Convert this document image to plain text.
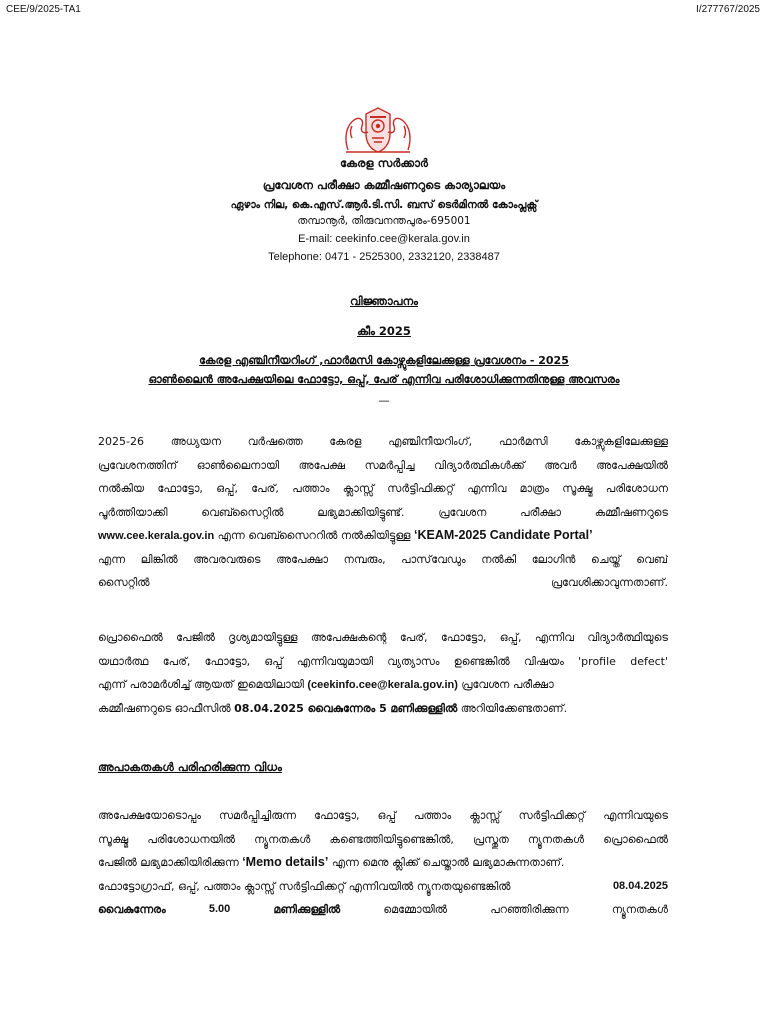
CEE/9/2025-TA1	I/277767/2025
കേരള സർക്കാർ
പ്രവേശന പരീക്ഷാ കമ്മീഷണറുടെ കാര്യാലയം
ഏഴാം നില, കെ.എസ്.ആർ.ടി.സി. ബസ് ടെർമിനൽ കോംപ്ലക്സ്
തമ്പാനൂർ, തിരുവനന്തപുരം-695001
E-mail: ceekinfo.cee@kerala.gov.in
Telephone: 0471 - 2525300, 2332120, 2338487
വിജ്ഞാപനം
കീം 2025
കേരള എഞ്ചിനീയറിംഗ് ,ഫാർമസി കോഴ്സുകളിലേക്കുള്ള പ്രവേശനം - 2025
ഓൺലൈൻ അപേക്ഷയിലെ ഫോട്ടോ, ഒപ്പ്, പേര് എന്നിവ പരിശോധിക്കുന്നതിനുള്ള അവസരം
—
2025-26 അധ്യയന വർഷത്തെ കേരള എഞ്ചിനീയറിംഗ്, ഫാർമസി കോഴ്സുകളിലേക്കുള്ള
പ്രവേശനത്തിന് ഓൺലൈനായി അപേക്ഷ സമർപ്പിച്ച വിദ്യാർത്ഥികൾക്ക് അവർ അപേക്ഷയിൽ
നൽകിയ ഫോട്ടോ, ഒപ്പ്, പേര്, പത്താം ക്ലാസ്സ് സർട്ടിഫിക്കറ്റ് എന്നിവ മാത്രം സൂക്ഷ്മ പരിശോധന
പൂർത്തിയാക്കി വെബ്സൈറ്റിൽ ലഭ്യമാക്കിയിട്ടുണ്ട്. പ്രവേശന പരീക്ഷാ കമ്മീഷണറുടെ
www.cee.kerala.gov.in എന്ന വെബ്സൈററിൽ നൽകിയിട്ടുള്ള ‘KEAM-2025 Candidate Portal’
എന്ന ലിങ്കിൽ അവരവരുടെ അപേക്ഷാ നമ്പരും, പാസ്‌വേഡും നൽകി ലോഗിൻ ചെയ്ത് വെബ്
സൈറ്റിൽ	പ്രവേശിക്കാവുന്നതാണ്.
പ്രൊഫൈൽ പേജിൽ ദൃശ്യമായിട്ടുള്ള അപേക്ഷകന്റെ പേര്, ഫോട്ടോ, ഒപ്പ്, എന്നിവ വിദ്യാർത്ഥിയുടെ
യഥാർത്ഥ പേര്, ഫോട്ടോ, ഒപ്പ് എന്നിവയുമായി വ്യത്യാസം ഉണ്ടെങ്കിൽ വിഷയം 'profile defect'
എന്ന് പരാമർശിച്ച് ആയത് ഇമെയിലായി (ceekinfo.cee@kerala.gov.in) പ്രവേശന പരീക്ഷാ
കമ്മീഷണറുടെ ഓഫീസിൽ 08.04.2025 വൈകുന്നേരം 5 മണിക്കുള്ളിൽ അറിയിക്കേണ്ടതാണ്.
അപാകതകൾ പരിഹരിക്കുന്ന വിധം
അപേക്ഷയോടൊപ്പം സമർപ്പിച്ചിരുന്ന ഫോട്ടോ, ഒപ്പ് പത്താം ക്ലാസ്സ് സർട്ടിഫിക്കറ്റ് എന്നിവയുടെ
സൂക്ഷ്മ പരിശോധനയിൽ ന്യൂനതകൾ കണ്ടെത്തിയിട്ടുണ്ടെങ്കിൽ, പ്രസ്തുത ന്യൂനതകൾ പ്രൊഫൈൽ
പേജിൽ ലഭ്യമാക്കിയിരിക്കുന്ന ‘Memo details’ എന്ന മെനു ക്ലിക്ക് ചെയ്താൽ ലഭ്യമാകുന്നതാണ്.
ഫോട്ടോഗ്രാഫ്, ഒപ്പ്, പത്താം ക്ലാസ്സ് സർട്ടിഫിക്കറ്റ് എന്നിവയിൽ ന്യൂനതയുണ്ടെങ്കിൽ	08.04.2025
വൈകുന്നേരം	5.00	മണിക്കുള്ളിൽ	മെമ്മോയിൽ	പറഞ്ഞിരിക്കുന്ന	ന്യൂനതകൾ
